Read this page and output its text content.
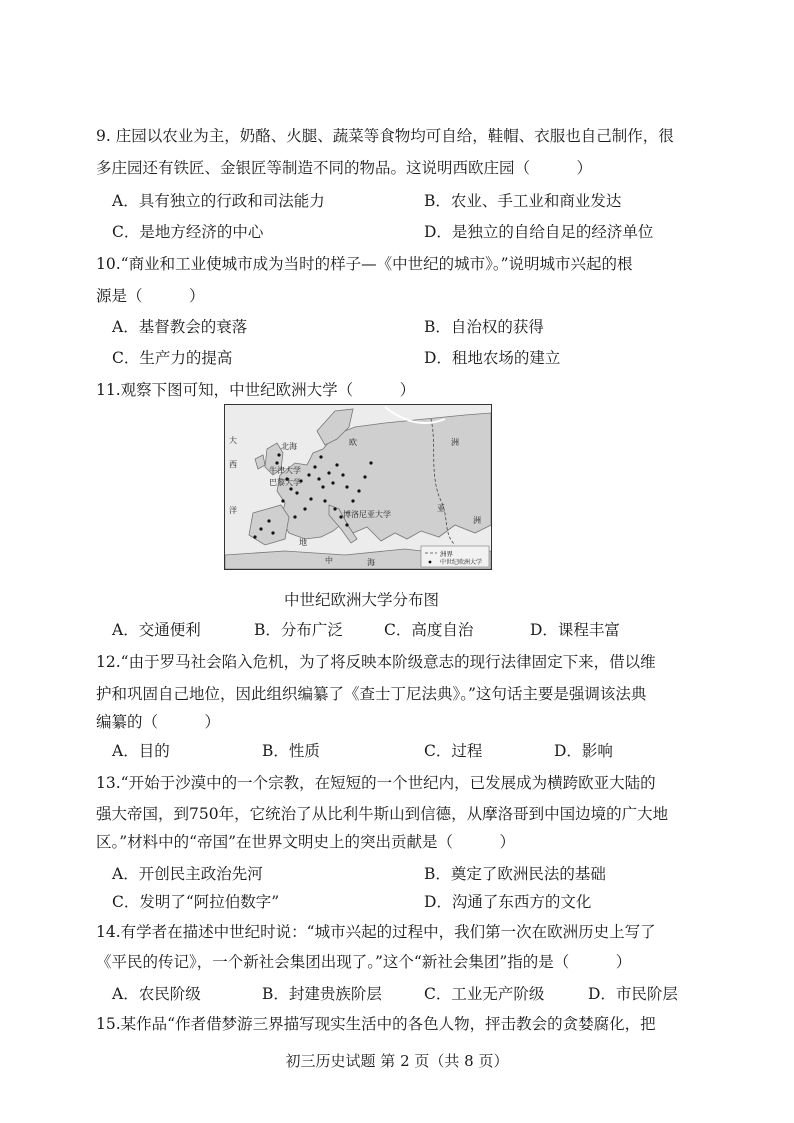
9. 庄园以农业为主，奶酪、火腿、蔬菜等食物均可自给，鞋帽、衣服也自己制作，很
多庄园还有铁匠、金银匠等制造不同的物品。这说明西欧庄园（　　　）
A．具有独立的行政和司法能力	B．农业、手工业和商业发达
C．是地方经济的中心	D．是独立的自给自足的经济单位
10.“商业和工业使城市成为当时的样子—《中世纪的城市》。”说明城市兴起的根
源是（　　　）
A．基督教会的衰落	B．自治权的获得
C．生产力的提高	D．租地农场的建立
11.观察下图可知，中世纪欧洲大学（　　　）
大
西
洋
北海	欧	洲
亚
洲
牛津大学
巴黎大学
博洛尼亚大学
地
中	海
洲界
中世纪欧洲大学
中世纪欧洲大学分布图
A．交通便利	B．分布广泛	C．高度自治	D．课程丰富
12.“由于罗马社会陷入危机，为了将反映本阶级意志的现行法律固定下来，借以维
护和巩固自己地位，因此组织编纂了《查士丁尼法典》。”这句话主要是强调该法典
编纂的（　　　）
A．目的	B．性质	C．过程	D．影响
13.“开始于沙漠中的一个宗教，在短短的一个世纪内，已发展成为横跨欧亚大陆的
强大帝国，到750年，它统治了从比利牛斯山到信德，从摩洛哥到中国边境的广大地
区。”材料中的“帝国”在世界文明史上的突出贡献是（　　　）
A．开创民主政治先河	B．奠定了欧洲民法的基础
C．发明了“阿拉伯数字”	D．沟通了东西方的文化
14.有学者在描述中世纪时说：“城市兴起的过程中，我们第一次在欧洲历史上写了
《平民的传记》，一个新社会集团出现了。”这个“新社会集团”指的是（　　　）
A．农民阶级	B．封建贵族阶层	C．工业无产阶级	D．市民阶层
15.某作品“作者借梦游三界描写现实生活中的各色人物，抨击教会的贪婪腐化，把
初三历史试题 第 2 页（共 8 页）
